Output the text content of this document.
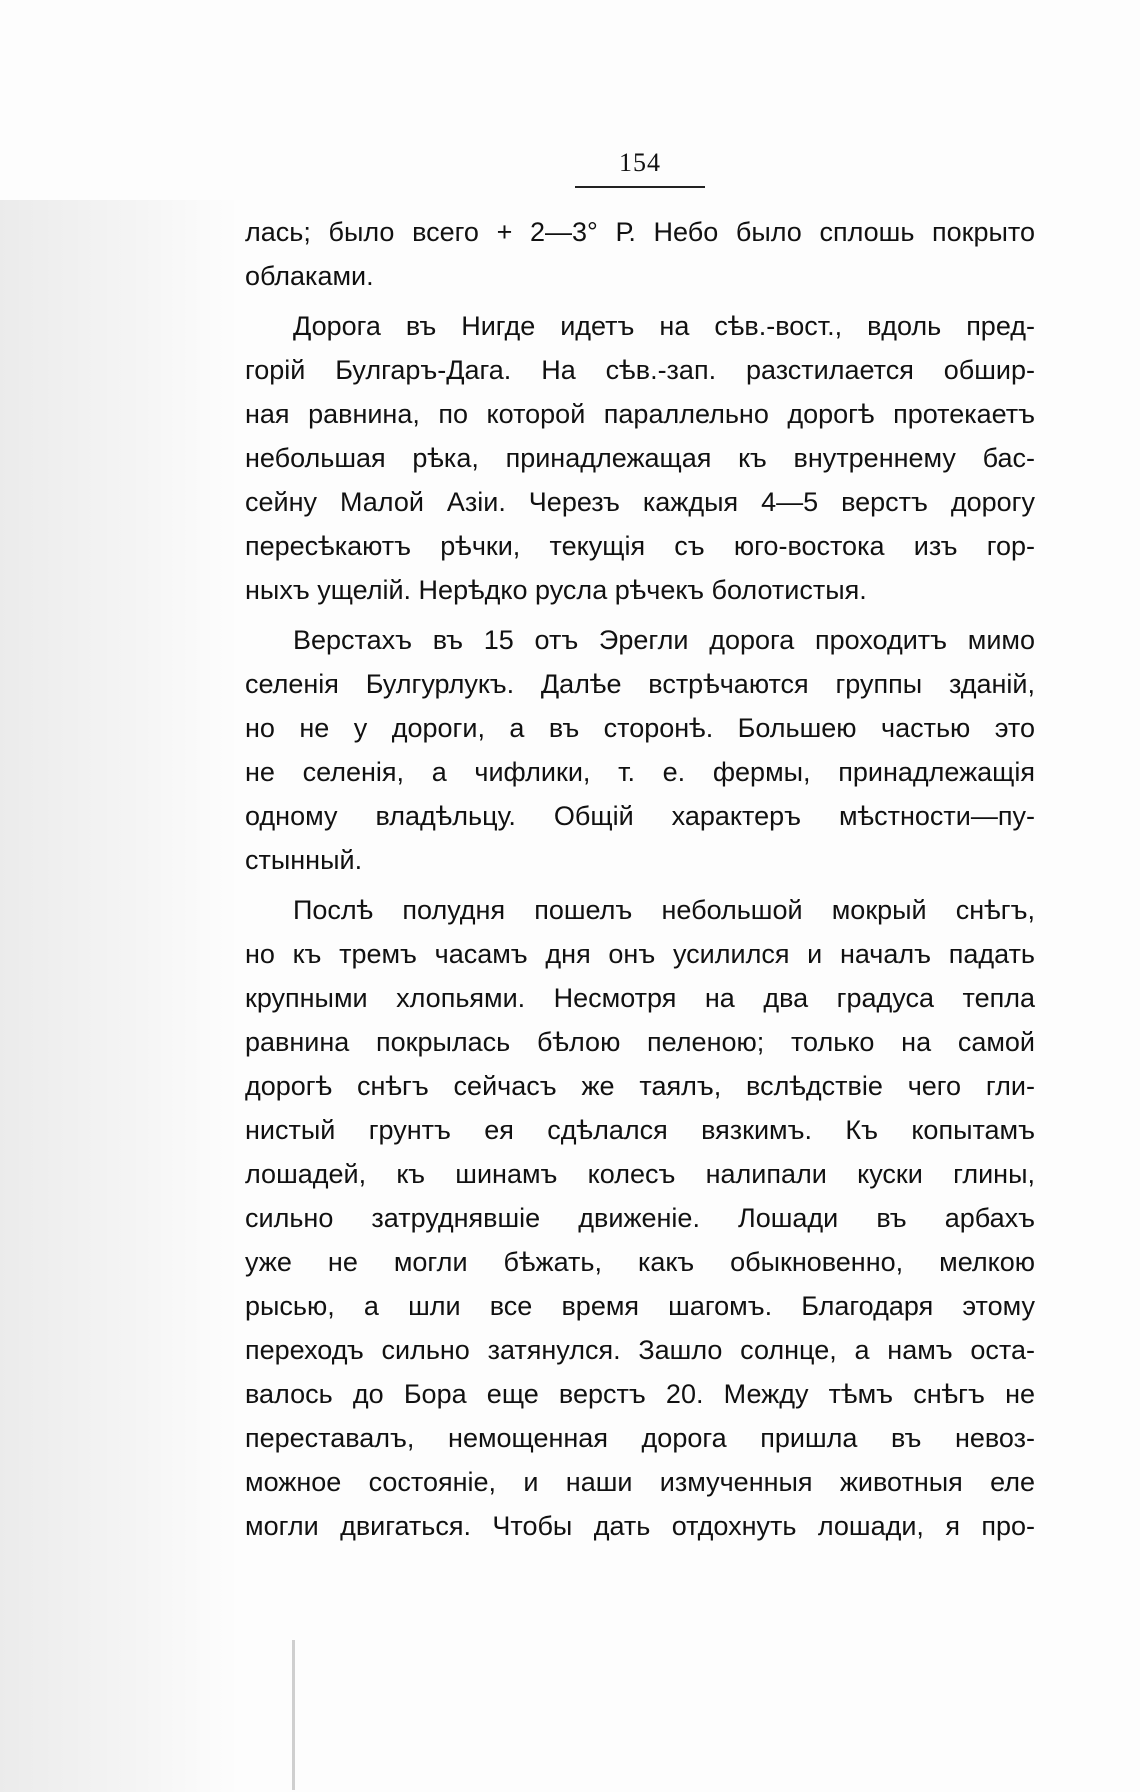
154
лась; было всего + 2—3° Р. Небо было сплошь покрыто
облаками.
Дорога въ Нигде идетъ на сѣв.-вост., вдоль пред-
горій Булгаръ-Дага. На сѣв.-зап. разстилается обшир-
ная равнина, по которой параллельно дорогѣ протекаетъ
небольшая рѣка, принадлежащая къ внутреннему бас-
сейну Малой Азіи. Черезъ каждыя 4—5 верстъ дорогу
пересѣкаютъ рѣчки, текущія съ юго-востока изъ гор-
ныхъ ущелій. Нерѣдко русла рѣчекъ болотистыя.
Верстахъ въ 15 отъ Эрегли дорога проходитъ мимо
селенія Булгурлукъ. Далѣе встрѣчаются группы зданій,
но не у дороги, а въ сторонѣ. Большею частью это
не селенія, а чифлики, т. е. фермы, принадлежащія
одному владѣльцу. Общій характеръ мѣстности—пу-
стынный.
Послѣ полудня пошелъ небольшой мокрый снѣгъ,
но къ тремъ часамъ дня онъ усилился и началъ падать
крупными хлопьями. Несмотря на два градуса тепла
равнина покрылась бѣлою пеленою; только на самой
дорогѣ снѣгъ сейчасъ же таялъ, вслѣдствіе чего гли-
нистый грунтъ ея сдѣлался вязкимъ. Къ копытамъ
лошадей, къ шинамъ колесъ налипали куски глины,
сильно затруднявшіе движеніе. Лошади въ арбахъ
уже не могли бѣжать, какъ обыкновенно, мелкою
рысью, а шли все время шагомъ. Благодаря этому
переходъ сильно затянулся. Зашло солнце, а намъ оста-
валось до Бора еще верстъ 20. Между тѣмъ снѣгъ не
переставалъ, немощенная дорога пришла въ невоз-
можное состояніе, и наши измученныя животныя еле
могли двигаться. Чтобы дать отдохнуть лошади, я про-
